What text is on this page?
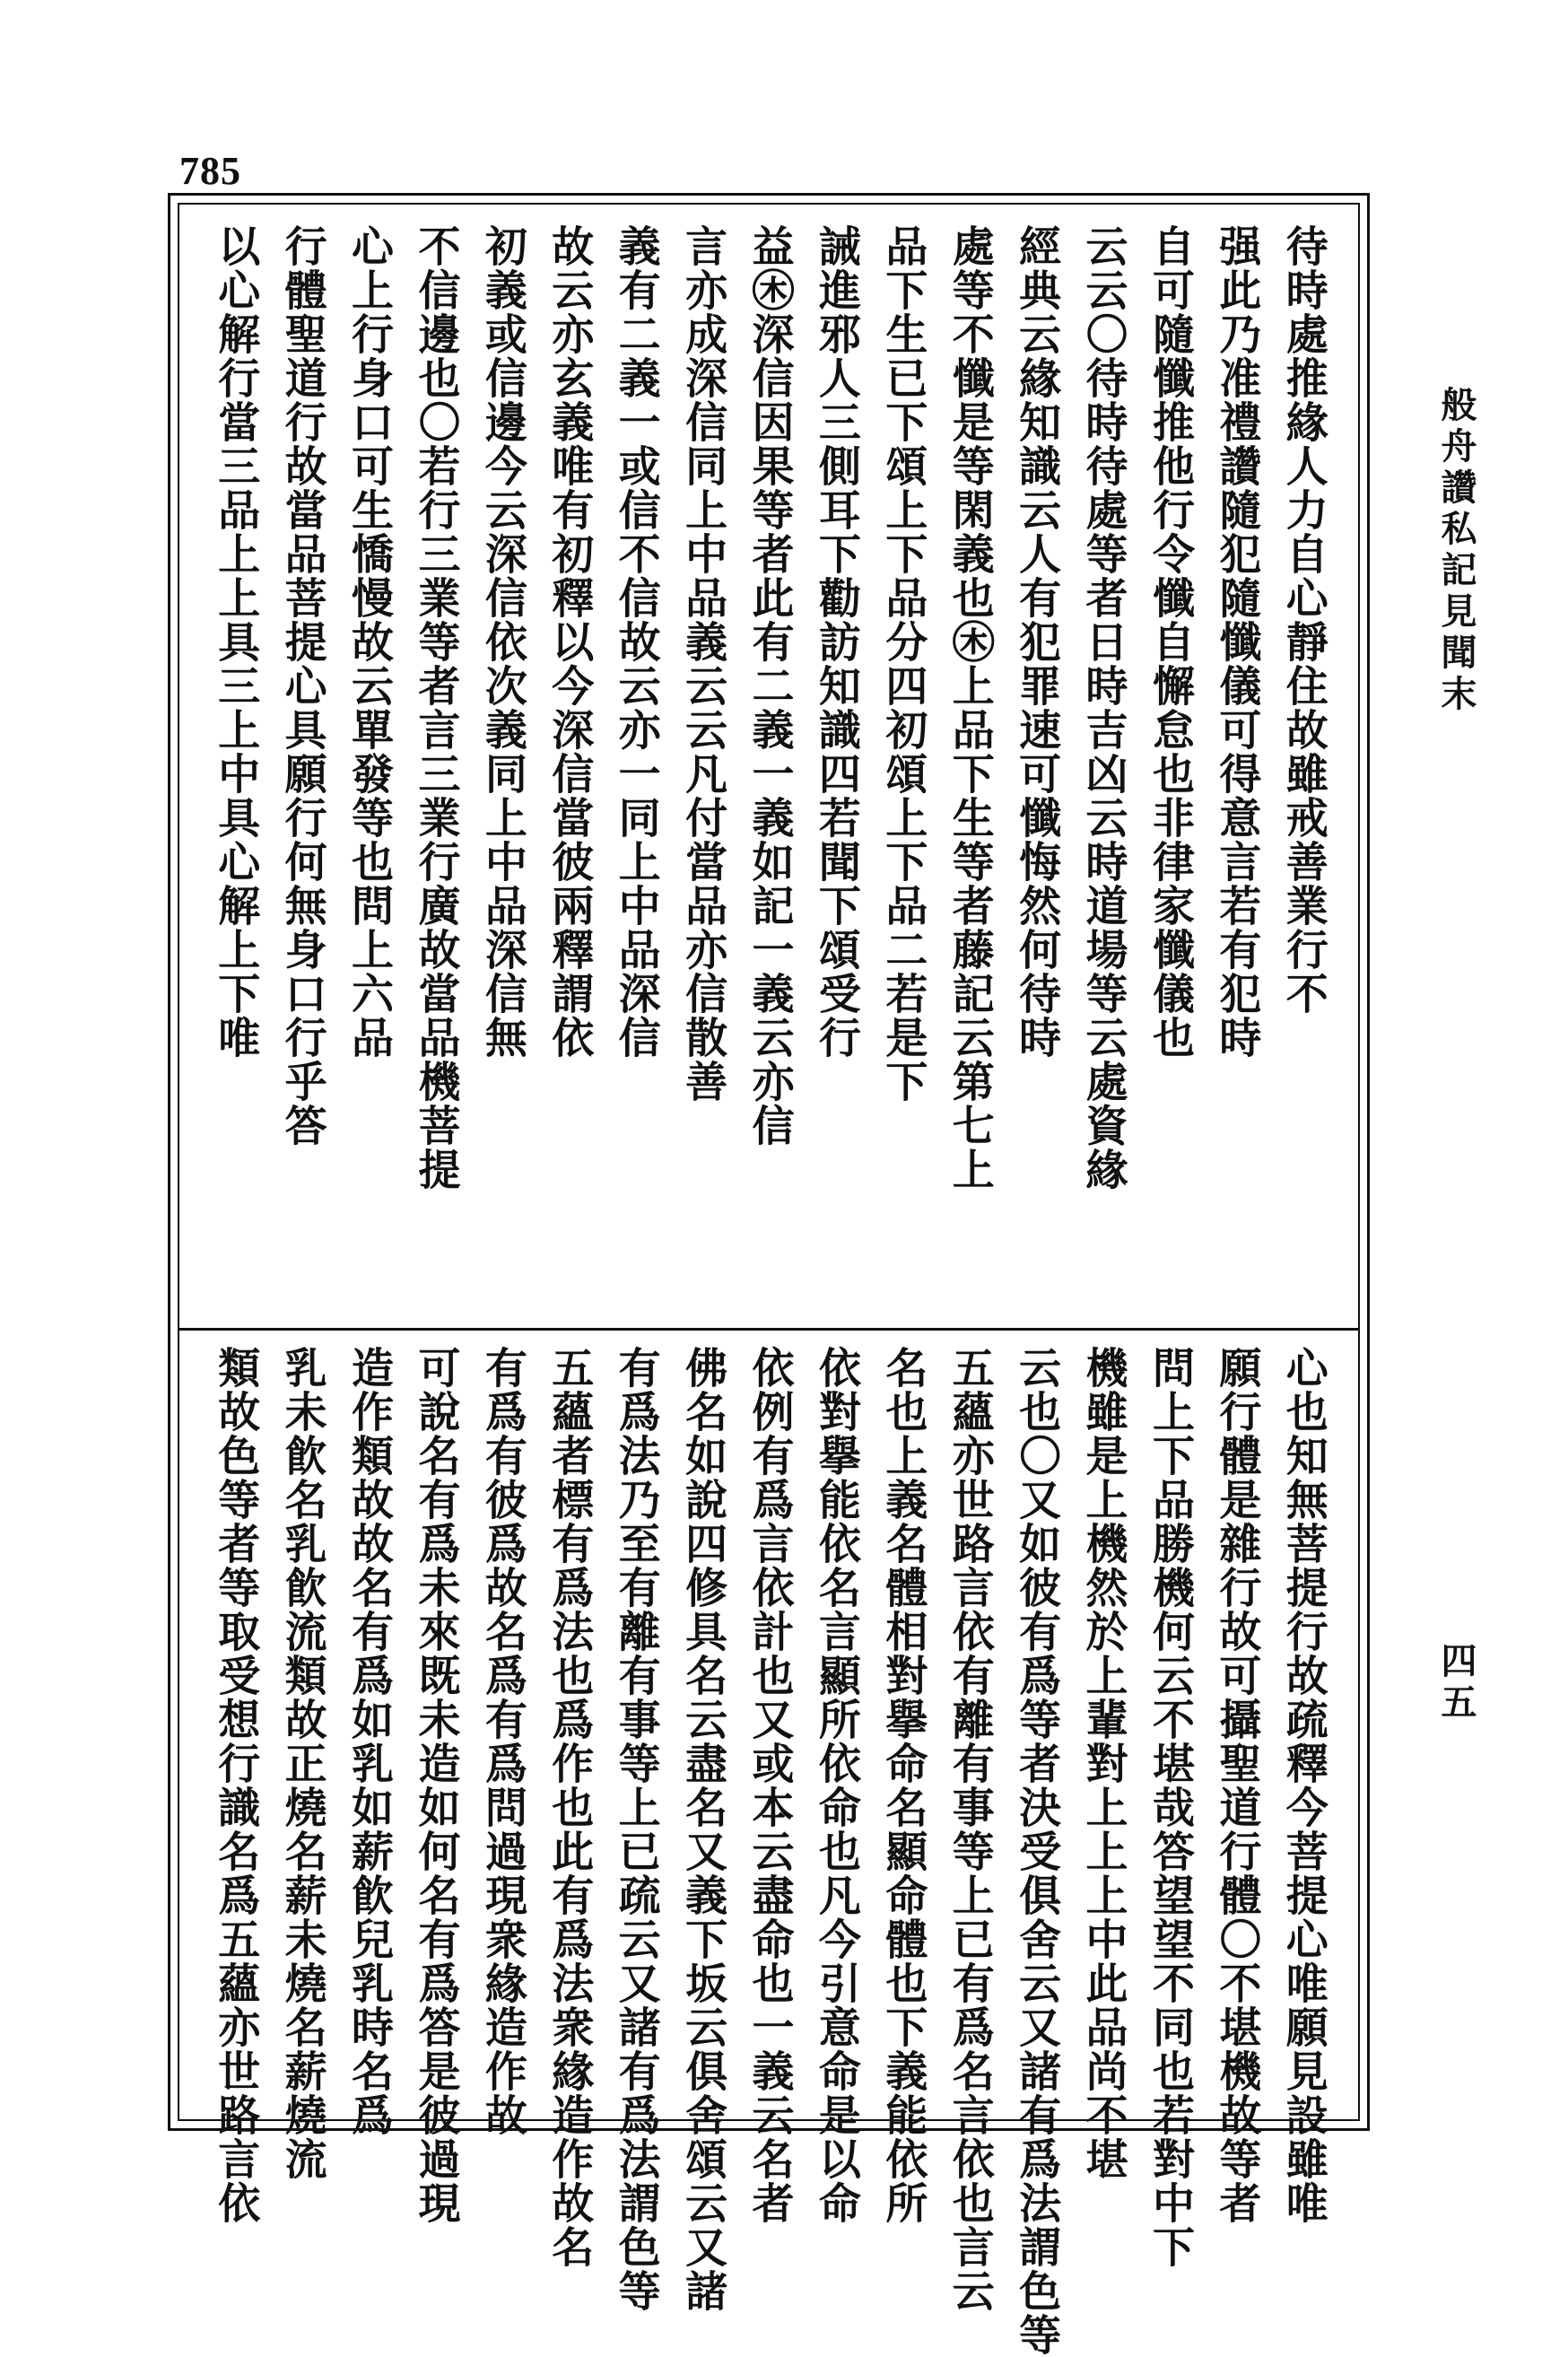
785
待時處推緣人力自心靜住故雖戒善業行不
强此乃准禮讚隨犯隨懺儀可得意言若有犯時
自可隨懺推他行令懺自懈怠也非律家懺儀也
云云〇待時待處等者日時吉凶云時道場等云處資緣
經典云緣知識云人有犯罪速可懺悔然何待時
處等不懺是等閑義也㊍上品下生等者藤記云第七上
品下生已下頌上下品分四初頌上下品二若是下
誡進邪人三側耳下勸訪知識四若聞下頌受行
益㊍深信因果等者此有二義一義如記一義云亦信
言亦成深信同上中品義云云凡付當品亦信散善
義有二義一或信不信故云亦一同上中品深信
故云亦玄義唯有初釋以今深信當彼兩釋謂依
初義或信邊今云深信依次義同上中品深信無
不信邊也〇若行三業等者言三業行廣故當品機菩提
心上行身口可生憍慢故云單發等也問上六品
行體聖道行故當品菩提心具願行何無身口行乎答
以心解行當三品上上具三上中具心解上下唯
心也知無菩提行故疏釋今菩提心唯願見設雖唯
願行體是雜行故可攝聖道行體〇不堪機故等者
問上下品勝機何云不堪哉答望望不同也若對中下
機雖是上機然於上輩對上上上中此品尚不堪
云也〇又如彼有爲等者決受俱舍云又諸有爲法謂色等
五蘊亦世路言依有離有事等上已有爲名言依也言云
名也上義名體相對擧命名顯命體也下義能依所
依對擧能依名言顯所依命也凡今引意命是以命
依例有爲言依計也又或本云盡命也一義云名者
佛名如說四修具名云盡名又義下坂云俱舍頌云又諸
有爲法乃至有離有事等上已疏云又諸有爲法謂色等
五蘊者標有爲法也爲作也此有爲法衆緣造作故名
有爲有彼爲故名爲有爲問過現衆緣造作故
可說名有爲未來既未造如何名有爲答是彼過現
造作類故故名有爲如乳如薪飮兒乳時名爲
乳未飮名乳飮流類故正燒名薪未燒名薪燒流
類故色等者等取受想行識名爲五蘊亦世路言依
般舟讚私記見聞末
四五
